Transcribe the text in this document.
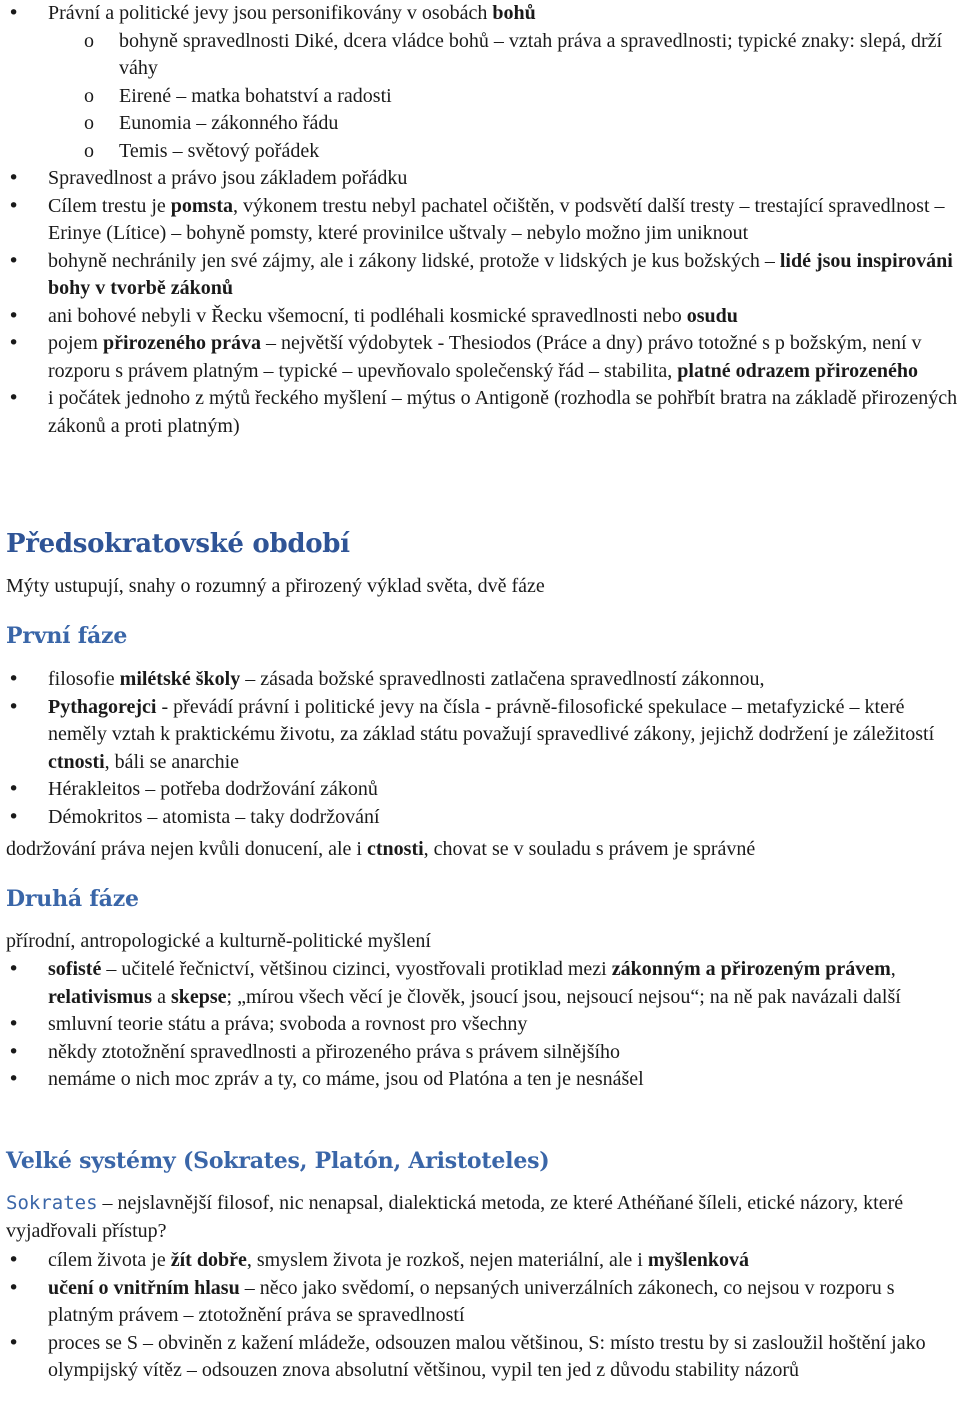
• Právní a politické jevy jsou personifikovány v osobách bohů
o bohyně spravedlnosti Diké, dcera vládce bohů – vztah práva a spravedlnosti; typické znaky: slepá, drží váhy
o Eirené – matka bohatství a radosti
o Eunomia – zákonného řádu
o Temis – světový pořádek
• Spravedlnost a právo jsou základem pořádku
• Cílem trestu je pomsta, výkonem trestu nebyl pachatel očištěn, v podsvětí další tresty – trestající spravedlnost – Erinye (Lítice) – bohyně pomsty, které provinilce uštvaly – nebylo možno jim uniknout
• bohyně nechránily jen své zájmy, ale i zákony lidské, protože v lidských je kus božských – lidé jsou inspirováni bohy v tvorbě zákonů
• ani bohové nebyli v Řecku všemocní, ti podléhali kosmické spravedlnosti nebo osudu
• pojem přirozeného práva – největší výdobytek - Thesiodos (Práce a dny) právo totožné s p božským, není v rozporu s právem platným – typické – upevňovalo společenský řád – stabilita, platné odrazem přirozeného
• i počátek jednoho z mýtů řeckého myšlení – mýtus o Antigoně (rozhodla se pohřbít bratra na základě přirozených zákonů a proti platným)
Předsokratovské období
Mýty ustupují, snahy o rozumný a přirozený výklad světa, dvě fáze
První fáze
• filosofie milétské školy – zásada božské spravedlnosti zatlačena spravedlností zákonnou,
• Pythagorejci - převádí právní i politické jevy na čísla - právně-filosofické spekulace – metafyzické – které neměly vztah k praktickému životu, za základ státu považují spravedlivé zákony, jejichž dodržení je záležitostí ctnosti, báli se anarchie
• Hérakleitos – potřeba dodržování zákonů
• Démokritos – atomista – taky dodržování
dodržování práva nejen kvůli donucení, ale i ctnosti, chovat se v souladu s právem je správné
Druhá fáze
přírodní, antropologické a kulturně-politické myšlení
• sofisté – učitelé řečnictví, většinou cizinci, vyostřovali protiklad mezi zákonným a přirozeným právem, relativismus a skepse; „mírou všech věcí je člověk, jsoucí jsou, nejsoucí nejsou“; na ně pak navázali další
• smluvní teorie státu a práva; svoboda a rovnost pro všechny
• někdy ztotožnění spravedlnosti a přirozeného práva s právem silnějšího
• nemáme o nich moc zpráv a ty, co máme, jsou od Platóna a ten je nesnášel
Velké systémy (Sokrates, Platón, Aristoteles)
Sokrates – nejslavnější filosof, nic nenapsal, dialektická metoda, ze které Athéňané šíleli, etické názory, které vyjadřovali přístup?
• cílem života je žít dobře, smyslem života je rozkoš, nejen materiální, ale i myšlenková
• učení o vnitřním hlasu – něco jako svědomí, o nepsaných univerzálních zákonech, co nejsou v rozporu s platným právem – ztotožnění práva se spravedlností
• proces se S – obviněn z kažení mládeže, odsouzen malou většinou, S: místo trestu by si zasloužil hoštění jako olympijský vítěz – odsouzen znova absolutní většinou, vypil ten jed z důvodu stability názorů
